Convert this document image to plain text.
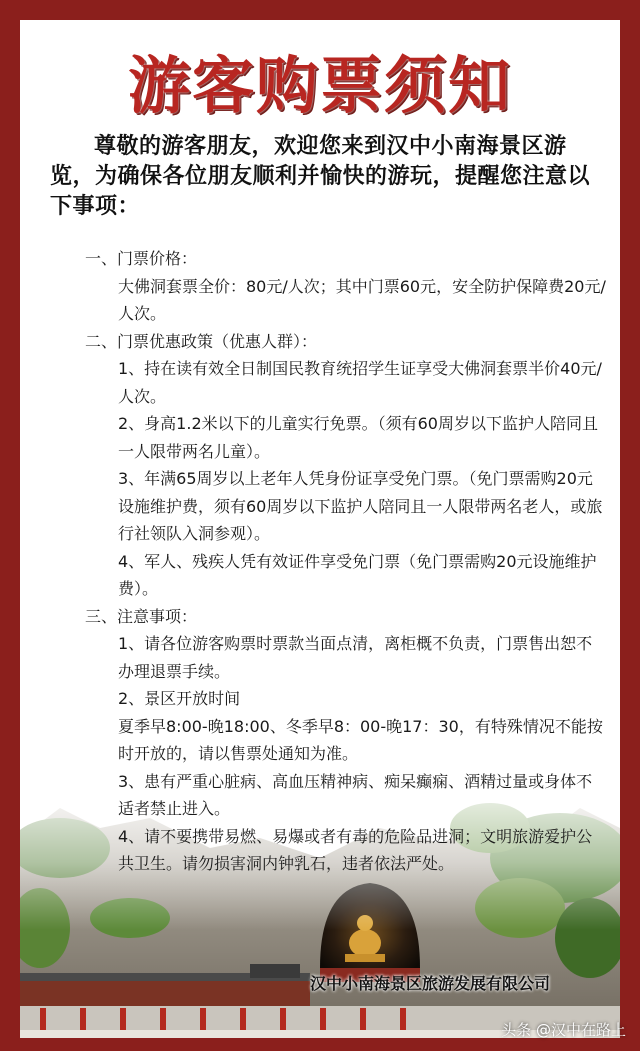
游客购票须知
尊敬的游客朋友，欢迎您来到汉中小南海景区游览，为确保各位朋友顺利并愉快的游玩，提醒您注意以下事项：

一、门票价格：

大佛洞套票全价：80元/人次；其中门票60元，安全防护保障费20元/人次。

二、门票优惠政策（优惠人群）：

1、持在读有效全日制国民教育统招学生证享受大佛洞套票半价40元/人次。

2、身高1.2米以下的儿童实行免票。（须有60周岁以下监护人陪同且一人限带两名儿童）。

3、年满65周岁以上老年人凭身份证享受免门票。（免门票需购20元设施维护费，须有60周岁以下监护人陪同且一人限带两名老人，或旅行社领队入洞参观）。

4、军人、残疾人凭有效证件享受免门票（免门票需购20元设施维护费）。

三、注意事项：

1、请各位游客购票时票款当面点清，离柜概不负责，门票售出恕不办理退票手续。

2、景区开放时间

夏季早8:00-晚18:00、冬季早8：00-晚17：30，有特殊情况不能按时开放的，请以售票处通知为准。

3、患有严重心脏病、高血压精神病、痴呆癫痫、酒精过量或身体不适者禁止进入。

4、请不要携带易燃、易爆或者有毒的危险品进洞；文明旅游爱护公共卫生。请勿损害洞内钟乳石，违者依法严处。

汉中小南海景区旅游发展有限公司
头条 @汉中在路上
